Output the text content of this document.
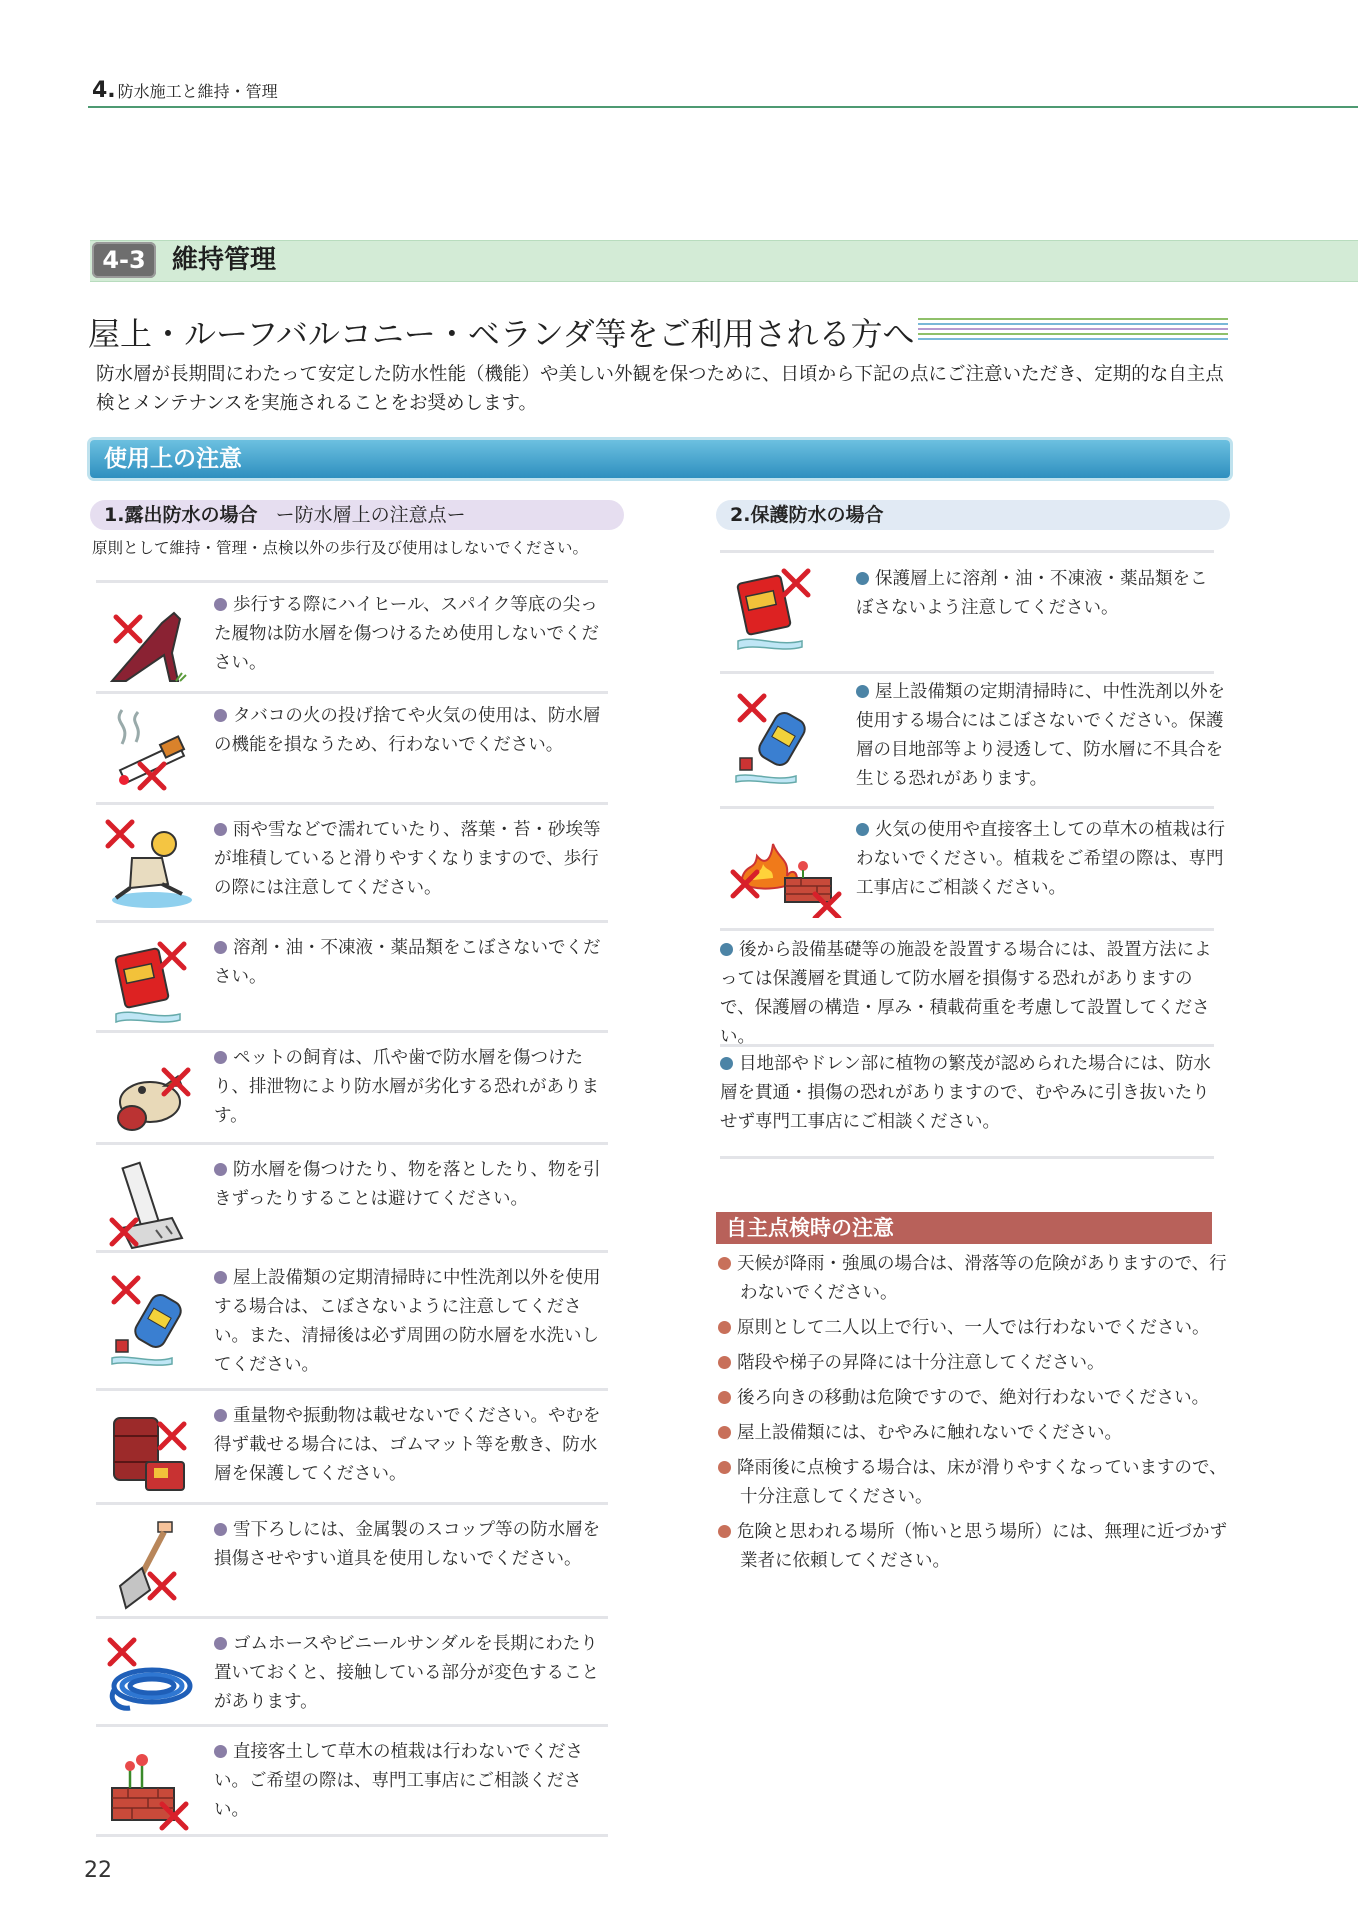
4. 防水施工と維持・管理
4-3	維持管理
屋上・ルーフバルコニー・ベランダ等をご利用される方へ
防水層が長期間にわたって安定した防水性能（機能）や美しい外観を保つために、日頃から下記の点にご注意いただき、定期的な自主点検とメンテナンスを実施されることをお奨めします。
使用上の注意
1.露出防水の場合 ー防水層上の注意点ー	2.保護防水の場合
原則として維持・管理・点検以外の歩行及び使用はしないでください。
歩行する際にハイヒール、スパイク等底の尖った履物は防水層を傷つけるため使用しないでください。
タバコの火の投げ捨てや火気の使用は、防水層の機能を損なうため、行わないでください。
雨や雪などで濡れていたり、落葉・苔・砂埃等が堆積していると滑りやすくなりますので、歩行の際には注意してください。
溶剤・油・不凍液・薬品類をこぼさないでください。
ペットの飼育は、爪や歯で防水層を傷つけたり、排泄物により防水層が劣化する恐れがあります。
防水層を傷つけたり、物を落としたり、物を引きずったりすることは避けてください。
屋上設備類の定期清掃時に中性洗剤以外を使用する場合は、こぼさないように注意してください。また、清掃後は必ず周囲の防水層を水洗いしてください。
重量物や振動物は載せないでください。やむを得ず載せる場合には、ゴムマット等を敷き、防水層を保護してください。
雪下ろしには、金属製のスコップ等の防水層を損傷させやすい道具を使用しないでください。
ゴムホースやビニールサンダルを長期にわたり置いておくと、接触している部分が変色することがあります。
直接客土して草木の植栽は行わないでください。ご希望の際は、専門工事店にご相談ください。
保護層上に溶剤・油・不凍液・薬品類をこぼさないよう注意してください。
屋上設備類の定期清掃時に、中性洗剤以外を使用する場合にはこぼさないでください。保護層の目地部等より浸透して、防水層に不具合を生じる恐れがあります。
火気の使用や直接客土しての草木の植栽は行わないでください。植栽をご希望の際は、専門工事店にご相談ください。
後から設備基礎等の施設を設置する場合には、設置方法によっては保護層を貫通して防水層を損傷する恐れがありますので、保護層の構造・厚み・積載荷重を考慮して設置してください。
目地部やドレン部に植物の繁茂が認められた場合には、防水層を貫通・損傷の恐れがありますので、むやみに引き抜いたりせず専門工事店にご相談ください。
自主点検時の注意
天候が降雨・強風の場合は、滑落等の危険がありますので、行わないでください。
原則として二人以上で行い、一人では行わないでください。
階段や梯子の昇降には十分注意してください。
後ろ向きの移動は危険ですので、絶対行わないでください。
屋上設備類には、むやみに触れないでください。
降雨後に点検する場合は、床が滑りやすくなっていますので、十分注意してください。
危険と思われる場所（怖いと思う場所）には、無理に近づかず業者に依頼してください。
22
